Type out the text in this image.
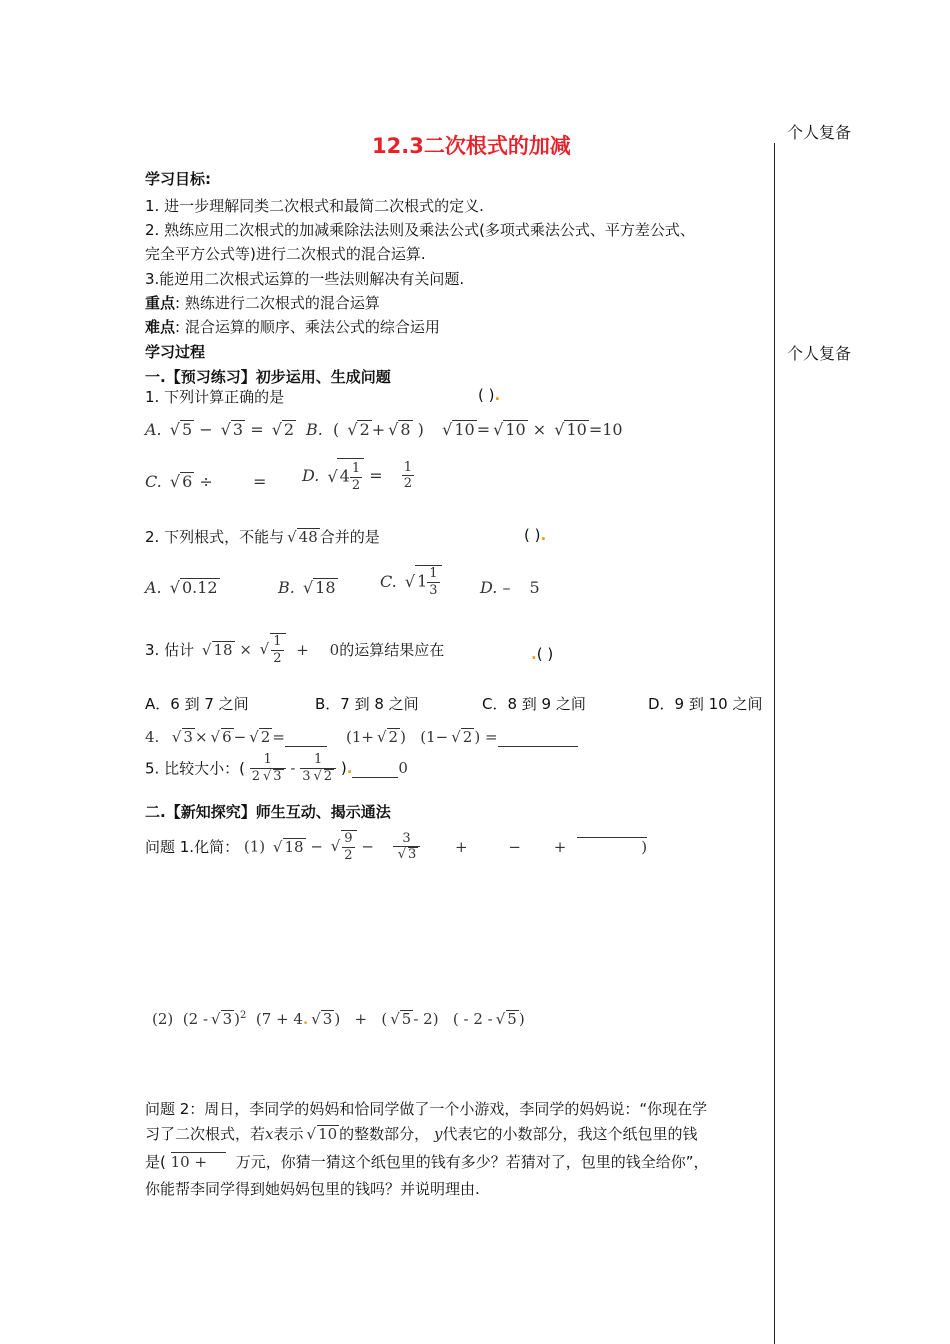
个人复备
个人复备
12.3二次根式的加减
学习目标:
1. 进一步理解同类二次根式和最简二次根式的定义.
2. 熟练应用二次根式的加减乘除法法则及乘法公式(多项式乘法公式、平方差公式、
完全平方公式等)进行二次根式的混合运算.
3.能逆用二次根式运算的一些法则解决有关问题.
重点: 熟练进行二次根式的混合运算
难点: 混合运算的顺序、乘法公式的综合运用
学习过程
一.【预习练习】初步运用、生成问题
1. 下列计算正确的是	( ).
A. √ 5 − √ 3 = √ 2 B. ( √ 2 + √ 8 ) √ 10 = √ 10 × √ 10 =10
C. √ 6 ÷	= D. √ $4 \frac{1}{2} = \frac{1}{2}$
2. 下列根式，不能与 √ 48 合并的是	( ).
A. √ 0.12	B. √ 18	C. √ $1 \frac{1}{3}$	D. – 5
3. 估计 √ 18 × √ $\frac{1}{2} + 0$的运算结果应在	.( )
A．6 到 7 之间	B．7 到 8 之间	C．8 到 9 之间	D．9 到 10 之间
4. √ 3 × √ 6 − √ 2 =	(1+ √ 2 ) (1− √ 2 ) =
5. 比较大小：( $\frac{1}{2 √ 3} - \frac{1}{3 √ 2}$ ).	0
二.【新知探究】师生互动、揭示通法
问题 1.化简： (1) √ 18 − √ $\frac{9}{2} - 3$
√ 3 +	− +	)
(2) (2 - √ 3 )$^2$ (7 + 4. √ 3 ) + ( √ 5 - 2) ( - 2 - √ 5 )
问题 2：周日，李同学的妈妈和恰同学做了一个小游戏，李同学的妈妈说：“你现在学
习了二次根式，若x表示 √ 10 的整数部分， y代表它的小数部分，我这个纸包里的钱
是( 10 + 万元，你猜一猜这个纸包里的钱有多少？若猜对了，包里的钱全给你”，
你能帮李同学得到她妈妈包里的钱吗？并说明理由.
